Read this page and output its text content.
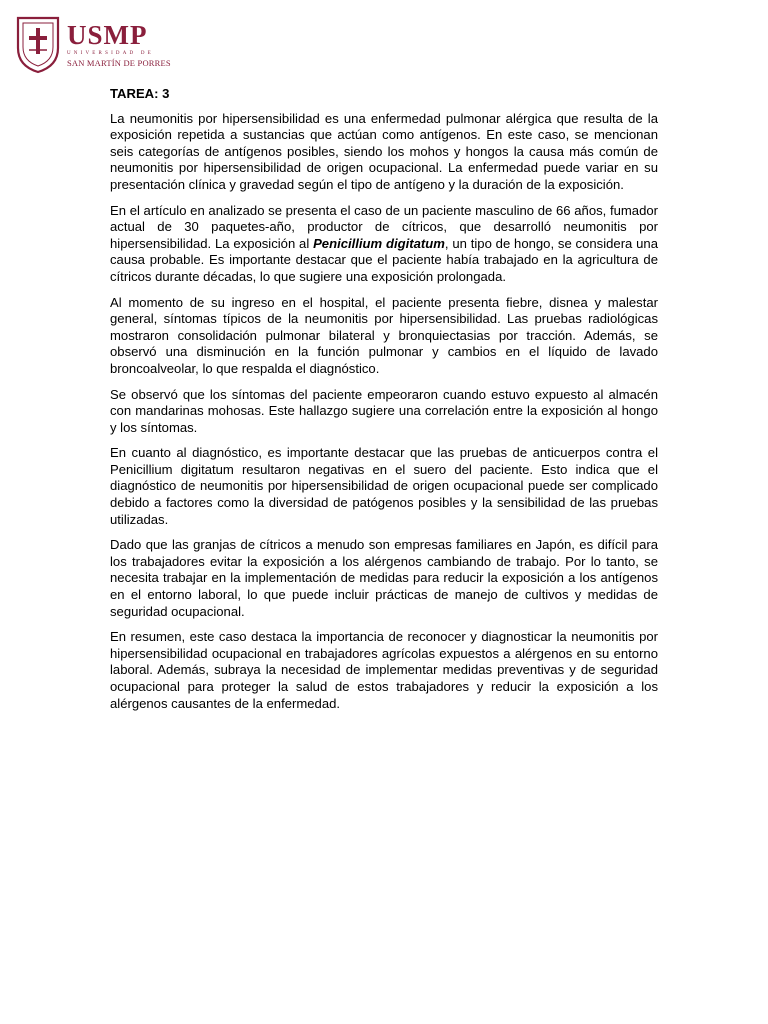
USMP
UNIVERSIDAD DE
SAN MARTÍN DE PORRES
TAREA: 3

La neumonitis por hipersensibilidad es una enfermedad pulmonar alérgica que resulta de la exposición repetida a sustancias que actúan como antígenos. En este caso, se mencionan seis categorías de antígenos posibles, siendo los mohos y hongos la causa más común de neumonitis por hipersensibilidad de origen ocupacional. La enfermedad puede variar en su presentación clínica y gravedad según el tipo de antígeno y la duración de la exposición.

En el artículo en analizado se presenta el caso de un paciente masculino de 66 años, fumador actual de 30 paquetes-año, productor de cítricos, que desarrolló neumonitis por hipersensibilidad. La exposición al Penicillium digitatum, un tipo de hongo, se considera una causa probable. Es importante destacar que el paciente había trabajado en la agricultura de cítricos durante décadas, lo que sugiere una exposición prolongada.

Al momento de su ingreso en el hospital, el paciente presenta fiebre, disnea y malestar general, síntomas típicos de la neumonitis por hipersensibilidad. Las pruebas radiológicas mostraron consolidación pulmonar bilateral y bronquiectasias por tracción. Además, se observó una disminución en la función pulmonar y cambios en el líquido de lavado broncoalveolar, lo que respalda el diagnóstico.

Se observó que los síntomas del paciente empeoraron cuando estuvo expuesto al almacén con mandarinas mohosas. Este hallazgo sugiere una correlación entre la exposición al hongo y los síntomas.

En cuanto al diagnóstico, es importante destacar que las pruebas de anticuerpos contra el Penicillium digitatum resultaron negativas en el suero del paciente. Esto indica que el diagnóstico de neumonitis por hipersensibilidad de origen ocupacional puede ser complicado debido a factores como la diversidad de patógenos posibles y la sensibilidad de las pruebas utilizadas.

Dado que las granjas de cítricos a menudo son empresas familiares en Japón, es difícil para los trabajadores evitar la exposición a los alérgenos cambiando de trabajo. Por lo tanto, se necesita trabajar en la implementación de medidas para reducir la exposición a los antígenos en el entorno laboral, lo que puede incluir prácticas de manejo de cultivos y medidas de seguridad ocupacional.

En resumen, este caso destaca la importancia de reconocer y diagnosticar la neumonitis por hipersensibilidad ocupacional en trabajadores agrícolas expuestos a alérgenos en su entorno laboral. Además, subraya la necesidad de implementar medidas preventivas y de seguridad ocupacional para proteger la salud de estos trabajadores y reducir la exposición a los alérgenos causantes de la enfermedad.
